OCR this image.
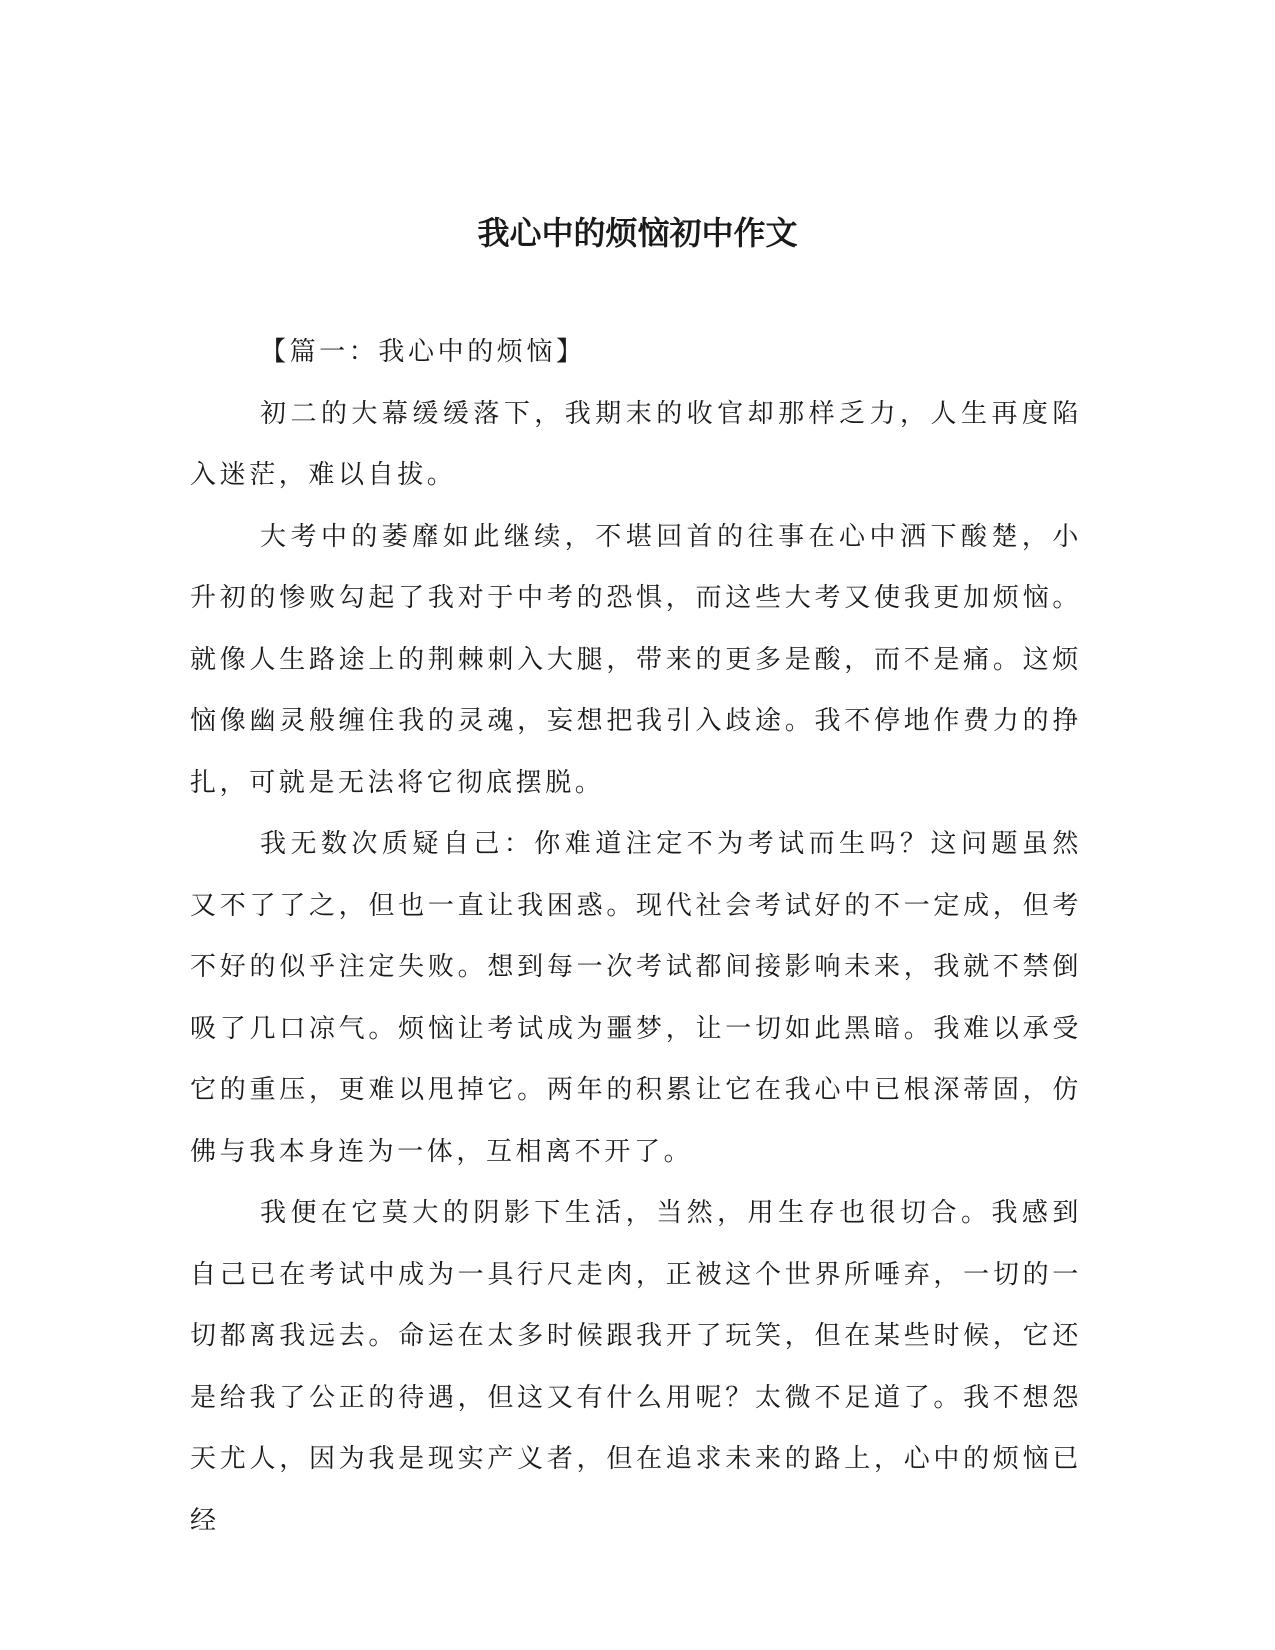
我心中的烦恼初中作文

【篇一：我心中的烦恼】

初二的大幕缓缓落下，我期末的收官却那样乏力，人生再度陷入迷茫，难以自拔。

大考中的萎靡如此继续，不堪回首的往事在心中洒下酸楚，小升初的惨败勾起了我对于中考的恐惧，而这些大考又使我更加烦恼。就像人生路途上的荆棘刺入大腿，带来的更多是酸，而不是痛。这烦恼像幽灵般缠住我的灵魂，妄想把我引入歧途。我不停地作费力的挣扎，可就是无法将它彻底摆脱。

我无数次质疑自己：你难道注定不为考试而生吗？这问题虽然又不了了之，但也一直让我困惑。现代社会考试好的不一定成，但考不好的似乎注定失败。想到每一次考试都间接影响未来，我就不禁倒吸了几口凉气。烦恼让考试成为噩梦，让一切如此黑暗。我难以承受它的重压，更难以甩掉它。两年的积累让它在我心中已根深蒂固，仿佛与我本身连为一体，互相离不开了。

我便在它莫大的阴影下生活，当然，用生存也很切合。我感到自己已在考试中成为一具行尺走肉，正被这个世界所唾弃，一切的一切都离我远去。命运在太多时候跟我开了玩笑，但在某些时候，它还是给我了公正的待遇，但这又有什么用呢？太微不足道了。我不想怨天尤人，因为我是现实产义者，但在追求未来的路上，心中的烦恼已经
